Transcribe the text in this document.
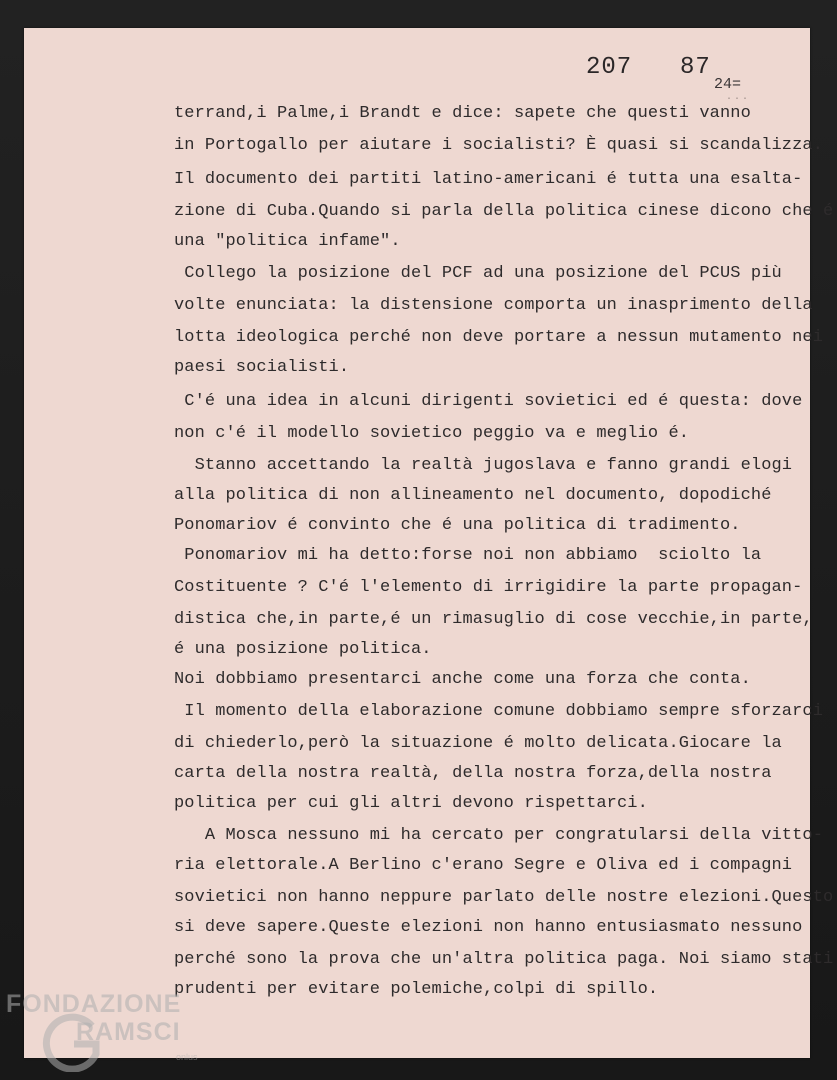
207 87
24=
...
terrand,i Palme,i Brandt e dice: sapete che questi vanno
in Portogallo per aiutare i socialisti? È quasi si scandalizza.
Il documento dei partiti latino-americani é tutta una esalta-
zione di Cuba.Quando si parla della politica cinese dicono che é
una "politica infame".
Collego la posizione del PCF ad una posizione del PCUS più
volte enunciata: la distensione comporta un inasprimento della
lotta ideologica perché non deve portare a nessun mutamento nei
paesi socialisti.
C'é una idea in alcuni dirigenti sovietici ed é questa: dove
non c'é il modello sovietico peggio va e meglio é.
Stanno accettando la realtà jugoslava e fanno grandi elogi
alla politica di non allineamento nel documento, dopodiché
Ponomariov é convinto che é una politica di tradimento.
Ponomariov mi ha detto:forse noi non abbiamo  sciolto la
Costituente ? C'é l'elemento di irrigidire la parte propagan-
distica che,in parte,é un rimasuglio di cose vecchie,in parte,
é una posizione politica.
Noi dobbiamo presentarci anche come una forza che conta.
Il momento della elaborazione comune dobbiamo sempre sforzarci
di chiederlo,però la situazione é molto delicata.Giocare la
carta della nostra realtà, della nostra forza,della nostra
politica per cui gli altri devono rispettarci.
A Mosca nessuno mi ha cercato per congratularsi della vitto-
ria elettorale.A Berlino c'erano Segre e Oliva ed i compagni
sovietici non hanno neppure parlato delle nostre elezioni.Questo
si deve sapere.Queste elezioni non hanno entusiasmato nessuno
perché sono la prova che un'altra politica paga. Noi siamo stati
prudenti per evitare polemiche,colpi di spillo.
FONDAZIONE
RAMSCI
onlus
